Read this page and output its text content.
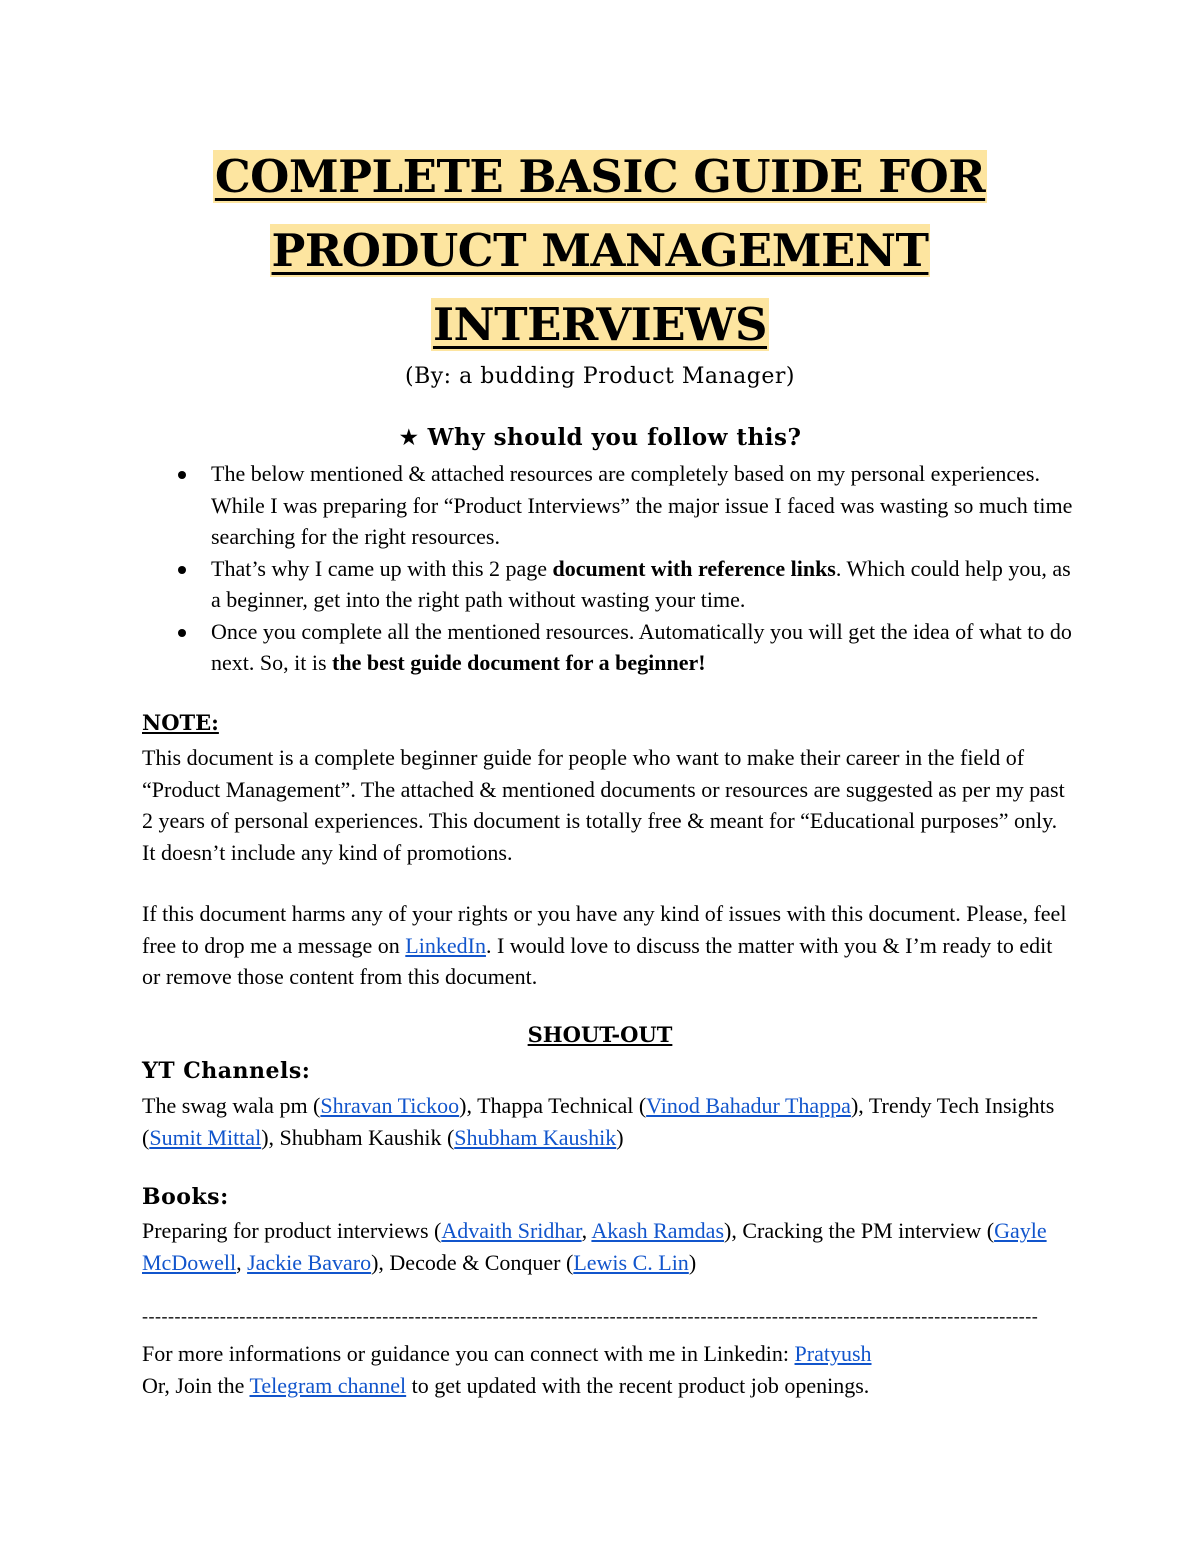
COMPLETE BASIC GUIDE FOR
PRODUCT MANAGEMENT
INTERVIEWS
(By: a budding Product Manager)
★ Why should you follow this?
The below mentioned & attached resources are completely based on my personal experiences. While I was preparing for “Product Interviews” the major issue I faced was wasting so much time searching for the right resources.
That’s why I came up with this 2 page document with reference links. Which could help you, as a beginner, get into the right path without wasting your time.
Once you complete all the mentioned resources. Automatically you will get the idea of what to do next. So, it is the best guide document for a beginner!
NOTE:
This document is a complete beginner guide for people who want to make their career in the field of “Product Management”. The attached & mentioned documents or resources are suggested as per my past 2 years of personal experiences. This document is totally free & meant for “Educational purposes” only. It doesn’t include any kind of promotions.
If this document harms any of your rights or you have any kind of issues with this document. Please, feel free to drop me a message on LinkedIn. I would love to discuss the matter with you & I’m ready to edit or remove those content from this document.
SHOUT-OUT
YT Channels:
The swag wala pm (Shravan Tickoo), Thappa Technical (Vinod Bahadur Thappa), Trendy Tech Insights (Sumit Mittal), Shubham Kaushik (Shubham Kaushik)
Books:
Preparing for product interviews (Advaith Sridhar, Akash Ramdas), Cracking the PM interview (Gayle McDowell, Jackie Bavaro), Decode & Conquer (Lewis C. Lin)
------------------------------------------------------------------------------------------------------------------------------------------
For more informations or guidance you can connect with me in Linkedin: Pratyush
Or, Join the Telegram channel to get updated with the recent product job openings.
